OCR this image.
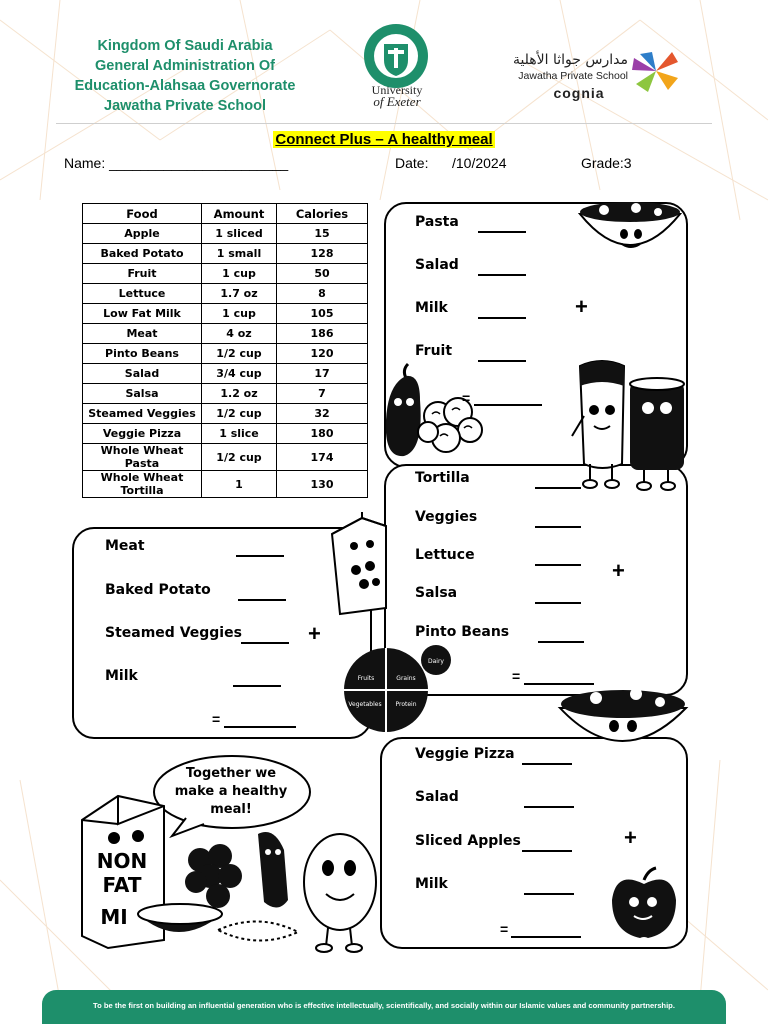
Kingdom Of Saudi Arabia
General Administration Of
Education-Alahsaa Governorate
Jawatha Private School
University
of Exeter
مدارس جواثا الأهلية
Jawatha Private School
cognia
Connect Plus – A healthy meal
Name: _______________________	Date: /10/2024	Grade:3
Food	Amount	Calories
Apple	1 sliced	15
Baked Potato	1 small	128
Fruit	1 cup	50
Lettuce	1.7 oz	8
Low Fat Milk	1 cup	105
Meat	4 oz	186
Pinto Beans	1/2 cup	120
Salad	3/4 cup	17
Salsa	1.2 oz	7
Steamed Veggies	1/2 cup	32
Veggie Pizza	1 slice	180
Whole Wheat Pasta	1/2 cup	174
Whole Wheat Tortilla	1	130
Pasta
Salad
Milk	+
Fruit
=
Tortilla
Veggies
Lettuce
+
Salsa
Pinto Beans
=
Meat
Baked Potato
Steamed Veggies	+
Milk
=
Veggie Pizza
Salad
Sliced Apples	+
Milk
=
Dairy
Fruits	Grains
Vegetables Protein
Together we make a healthy meal!
NON
FAT
MI
To be the first on building an influential generation who is effective intellectually, scientifically, and socially within our Islamic values and community partnership.
